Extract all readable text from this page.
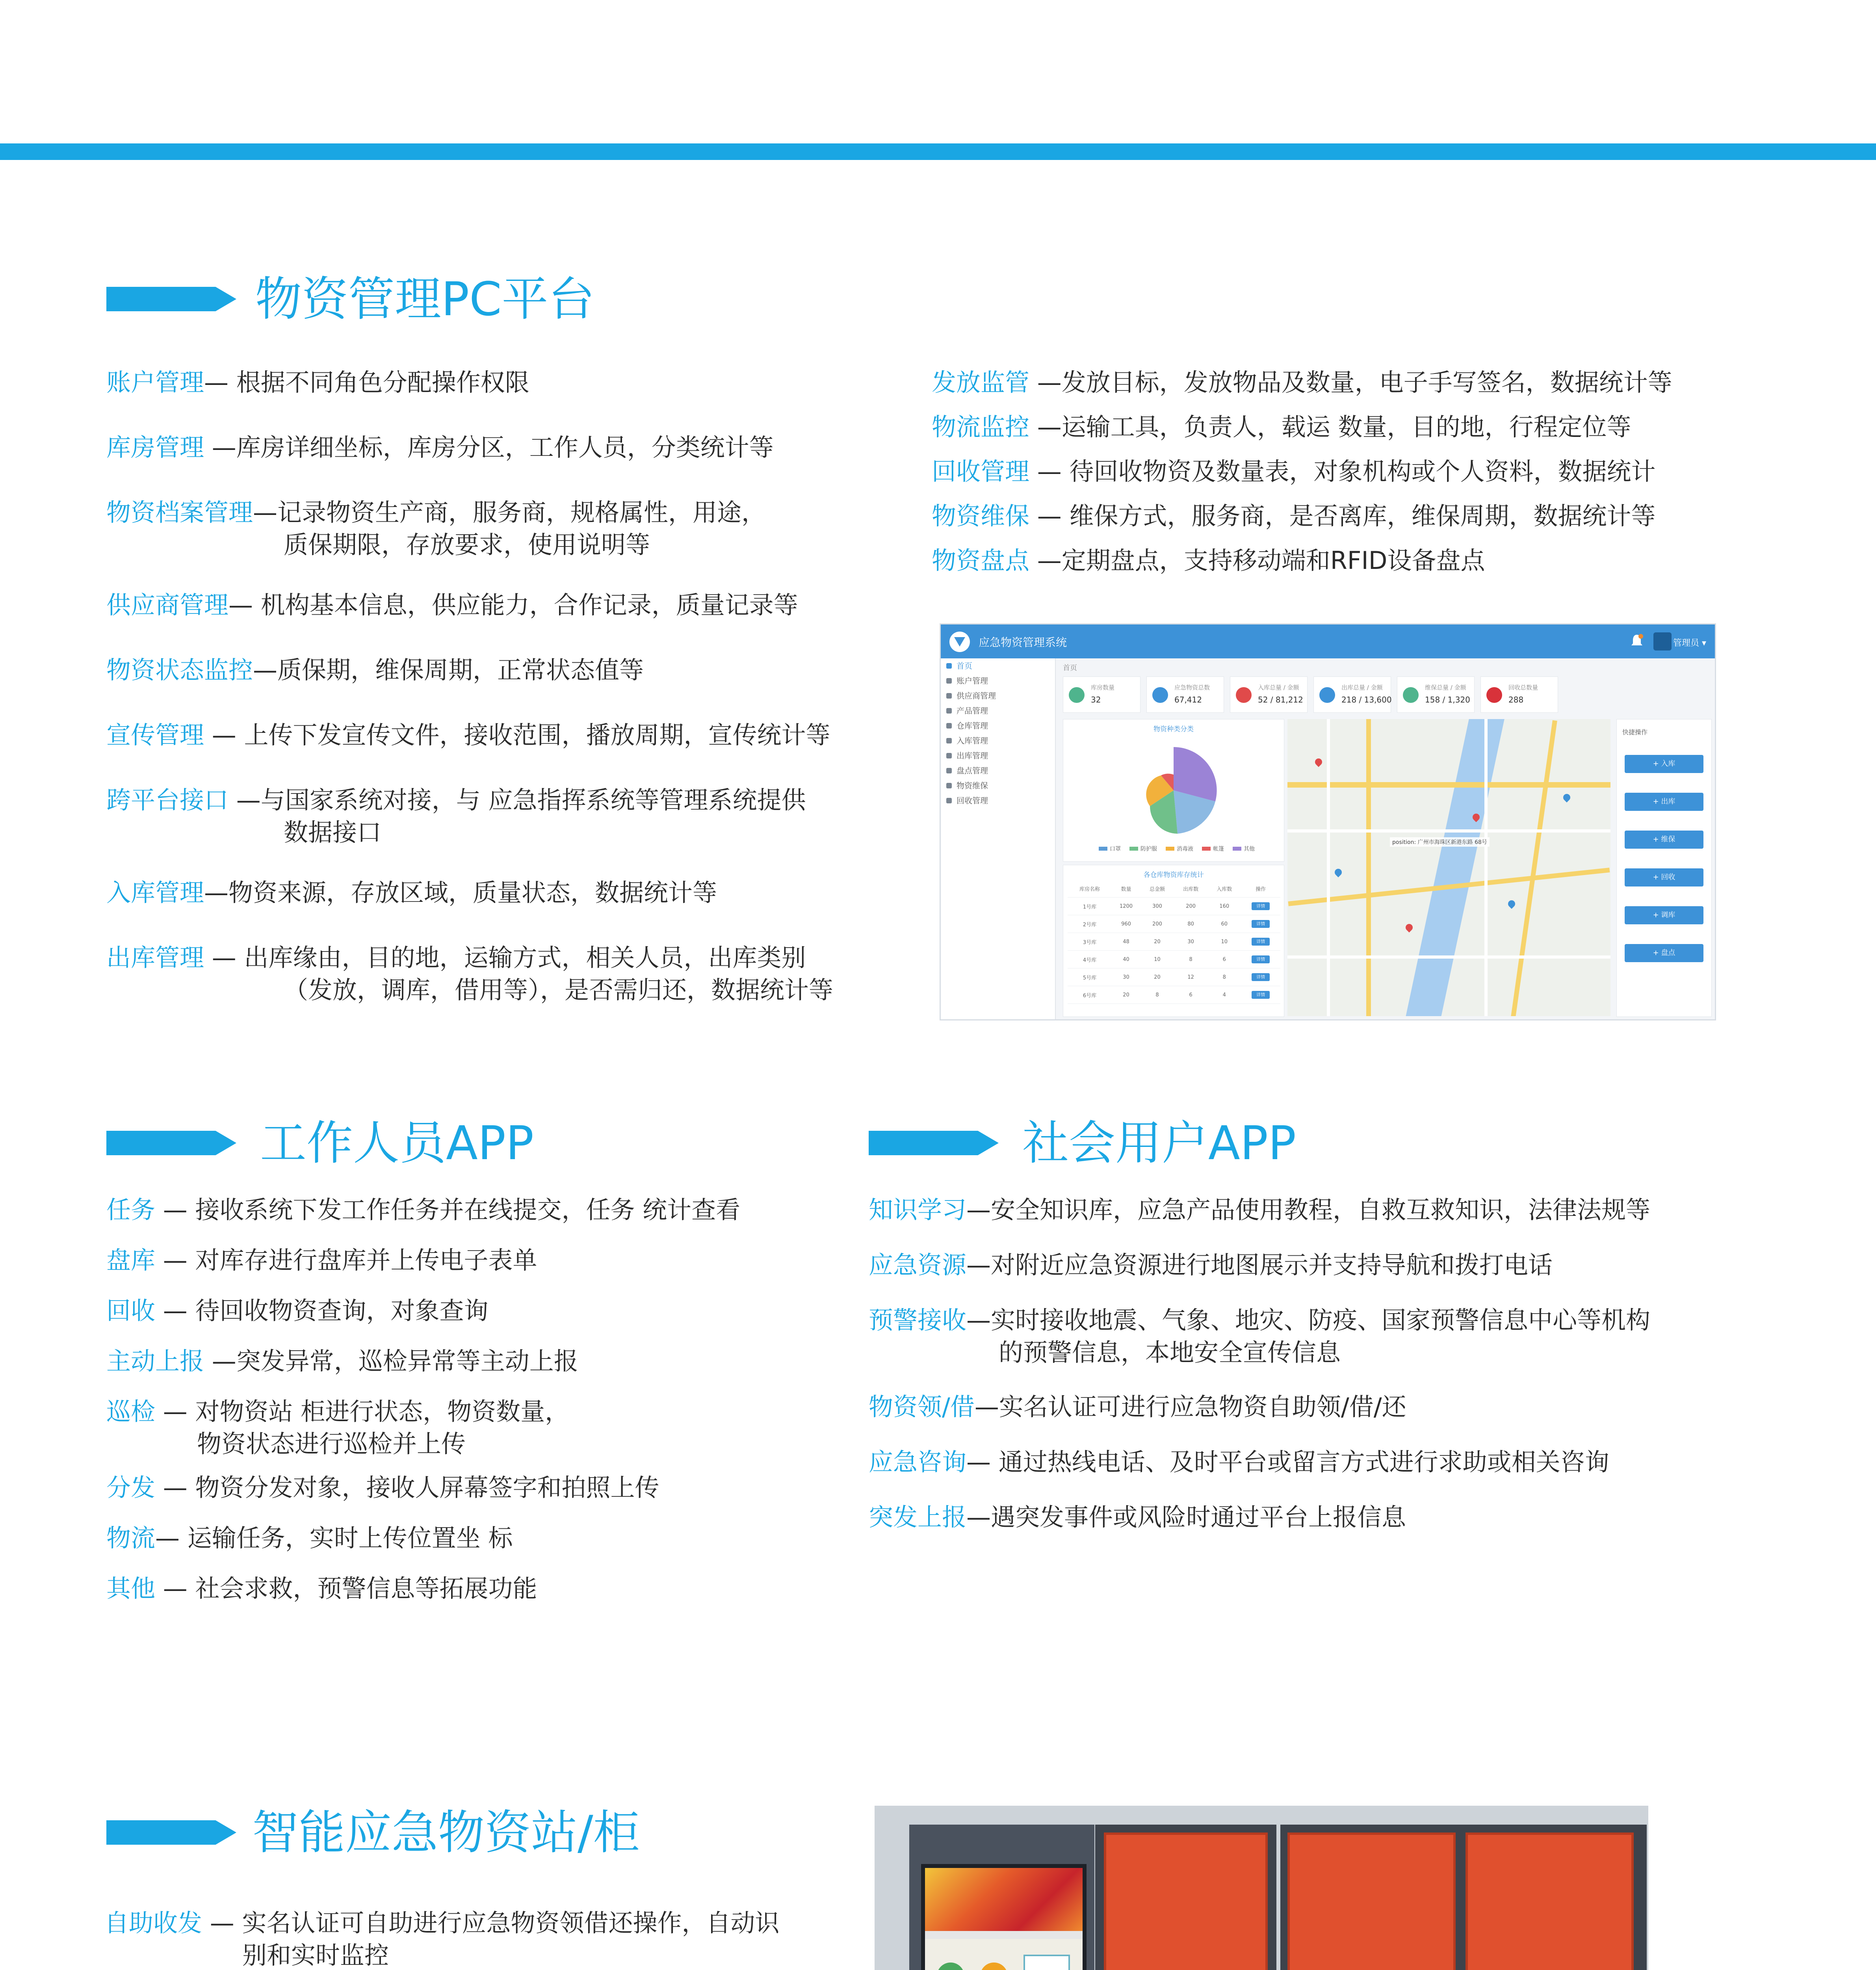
物资管理PC平台
账户管理— 根据不同角色分配操作权限
库房管理 —库房详细坐标，库房分区，工作人员，分类统计等
物资档案管理—记录物资生产商，服务商，规格属性，用途，
质保期限，存放要求，使用说明等
供应商管理— 机构基本信息，供应能力，合作记录，质量记录等
物资状态监控—质保期，维保周期，正常状态值等
宣传管理 — 上传下发宣传文件，接收范围，播放周期，宣传统计等
跨平台接口 —与国家系统对接，与 应急指挥系统等管理系统提供
数据接口
入库管理—物资来源，存放区域，质量状态，数据统计等
出库管理 — 出库缘由，目的地，运输方式，相关人员，出库类别
（发放，调库，借用等），是否需归还，数据统计等
发放监管 —发放目标，发放物品及数量，电子手写签名，数据统计等
物流监控 —运输工具，负责人，载运 数量，目的地，行程定位等
回收管理 — 待回收物资及数量表，对象机构或个人资料，数据统计
物资维保 — 维保方式，服务商，是否离库，维保周期，数据统计等
物资盘点 —定期盘点，支持移动端和RFID设备盘点
应急物资管理系统	管理员 ▾
首页
账户管理
供应商管理
产品管理
仓库管理
入库管理
出库管理
盘点管理
物资维保
回收管理
首页
库房数量
32
应急物资总数
67,412
入库总量 / 金额
52 / 81,212
出库总量 / 金额
218 / 13,600
维保总量 / 金额
158 / 1,320
回收总数量
288
物资种类分类
口罩	防护服	消毒液	帐篷	其他
各仓库物资库存统计
库房名称	数量	总金额	出库数	入库数	操作
1号库	1200	300	200	160	详情
2号库	960	200	80	60	详情
3号库	48	20	30	10	详情
4号库	40	10	8	6	详情
5号库	30	20	12	8	详情
6号库	20	8	6	4	详情
position: 广州市海珠区新港东路 68号
快捷操作
+ 入库
+ 出库
+ 维保
+ 回收
+ 调库
+ 盘点
工作人员APP
任务 — 接收系统下发工作任务并在线提交，任务 统计查看
盘库 — 对库存进行盘库并上传电子表单
回收 — 待回收物资查询，对象查询
主动上报 —突发异常，巡检异常等主动上报
巡检 — 对物资站 柜进行状态，物资数量，
物资状态进行巡检并上传
分发 — 物资分发对象，接收人屏幕签字和拍照上传
物流— 运输任务，实时上传位置坐 标
其他 — 社会求救，预警信息等拓展功能
社会用户APP
知识学习—安全知识库，应急产品使用教程，自救互救知识，法律法规等
应急资源—对附近应急资源进行地图展示并支持导航和拨打电话
预警接收—实时接收地震、气象、地灾、防疫、国家预警信息中心等机构
的预警信息，本地安全宣传信息
物资领/借—实名认证可进行应急物资自助领/借/还
应急咨询— 通过热线电话、及时平台或留言方式进行求助或相关咨询
突发上报—遇突发事件或风险时通过平台上报信息
智能应急物资站/柜
自助收发 — 实名认证可自助进行应急物资领借还操作，自动识
别和实时监控
